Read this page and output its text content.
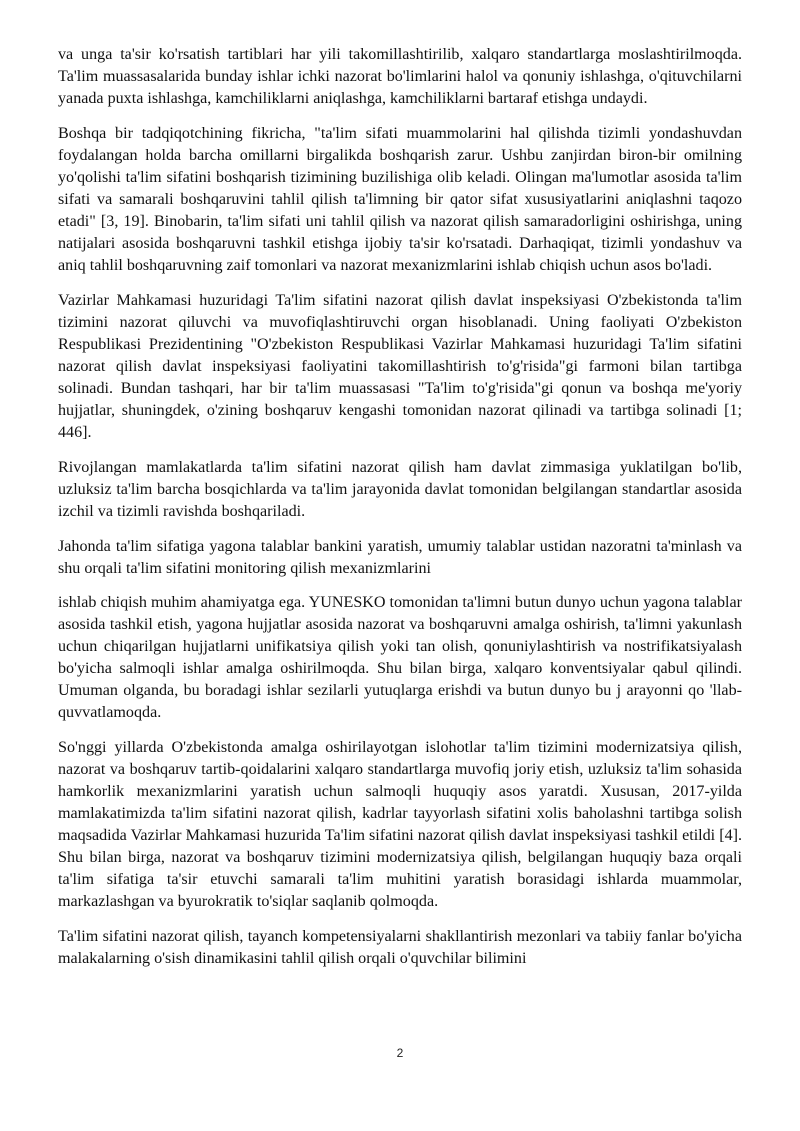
va unga ta'sir ko'rsatish tartiblari har yili takomillashtirilib, xalqaro standartlarga moslashtirilmoqda. Ta'lim muassasalarida bunday ishlar ichki nazorat bo'limlarini halol va qonuniy ishlashga, o'qituvchilarni yanada puxta ishlashga, kamchiliklarni aniqlashga, kamchiliklarni bartaraf etishga undaydi.

Boshqa bir tadqiqotchining fikricha, "ta'lim sifati muammolarini hal qilishda tizimli yondashuvdan foydalangan holda barcha omillarni birgalikda boshqarish zarur. Ushbu zanjirdan biron-bir omilning yo'qolishi ta'lim sifatini boshqarish tizimining buzilishiga olib keladi. Olingan ma'lumotlar asosida ta'lim sifati va samarali boshqaruvini tahlil qilish ta'limning bir qator sifat xususiyatlarini aniqlashni taqozo etadi" [3, 19]. Binobarin, ta'lim sifati uni tahlil qilish va nazorat qilish samaradorligini oshirishga, uning natijalari asosida boshqaruvni tashkil etishga ijobiy ta'sir ko'rsatadi. Darhaqiqat, tizimli yondashuv va aniq tahlil boshqaruvning zaif tomonlari va nazorat mexanizmlarini ishlab chiqish uchun asos bo'ladi.

Vazirlar Mahkamasi huzuridagi Ta'lim sifatini nazorat qilish davlat inspeksiyasi O'zbekistonda ta'lim tizimini nazorat qiluvchi va muvofiqlashtiruvchi organ hisoblanadi. Uning faoliyati O'zbekiston Respublikasi Prezidentining "O'zbekiston Respublikasi Vazirlar Mahkamasi huzuridagi Ta'lim sifatini nazorat qilish davlat inspeksiyasi faoliyatini takomillashtirish to'g'risida"gi farmoni bilan tartibga solinadi. Bundan tashqari, har bir ta'lim muassasasi "Ta'lim to'g'risida"gi qonun va boshqa me'yoriy hujjatlar, shuningdek, o'zining boshqaruv kengashi tomonidan nazorat qilinadi va tartibga solinadi [1; 446].

Rivojlangan mamlakatlarda ta'lim sifatini nazorat qilish ham davlat zimmasiga yuklatilgan bo'lib, uzluksiz ta'lim barcha bosqichlarda va ta'lim jarayonida davlat tomonidan belgilangan standartlar asosida izchil va tizimli ravishda boshqariladi.

Jahonda ta'lim sifatiga yagona talablar bankini yaratish, umumiy talablar ustidan nazoratni ta'minlash va shu orqali ta'lim sifatini monitoring qilish mexanizmlarini

ishlab chiqish muhim ahamiyatga ega. YUNESKO tomonidan ta'limni butun dunyo uchun yagona talablar asosida tashkil etish, yagona hujjatlar asosida nazorat va boshqaruvni amalga oshirish, ta'limni yakunlash uchun chiqarilgan hujjatlarni unifikatsiya qilish yoki tan olish, qonuniylashtirish va nostrifikatsiyalash bo'yicha salmoqli ishlar amalga oshirilmoqda. Shu bilan birga, xalqaro konventsiyalar qabul qilindi. Umuman olganda, bu boradagi ishlar sezilarli yutuqlarga erishdi va butun dunyo bu j arayonni qo 'llab-quvvatlamoqda.

So'nggi yillarda O'zbekistonda amalga oshirilayotgan islohotlar ta'lim tizimini modernizatsiya qilish, nazorat va boshqaruv tartib-qoidalarini xalqaro standartlarga muvofiq joriy etish, uzluksiz ta'lim sohasida hamkorlik mexanizmlarini yaratish uchun salmoqli huquqiy asos yaratdi. Xususan, 2017-yilda mamlakatimizda ta'lim sifatini nazorat qilish, kadrlar tayyorlash sifatini xolis baholashni tartibga solish maqsadida Vazirlar Mahkamasi huzurida Ta'lim sifatini nazorat qilish davlat inspeksiyasi tashkil etildi [4]. Shu bilan birga, nazorat va boshqaruv tizimini modernizatsiya qilish, belgilangan huquqiy baza orqali ta'lim sifatiga ta'sir etuvchi samarali ta'lim muhitini yaratish borasidagi ishlarda muammolar, markazlashgan va byurokratik to'siqlar saqlanib qolmoqda.

Ta'lim sifatini nazorat qilish, tayanch kompetensiyalarni shakllantirish mezonlari va tabiiy fanlar bo'yicha malakalarning o'sish dinamikasini tahlil qilish orqali o'quvchilar bilimini

2
